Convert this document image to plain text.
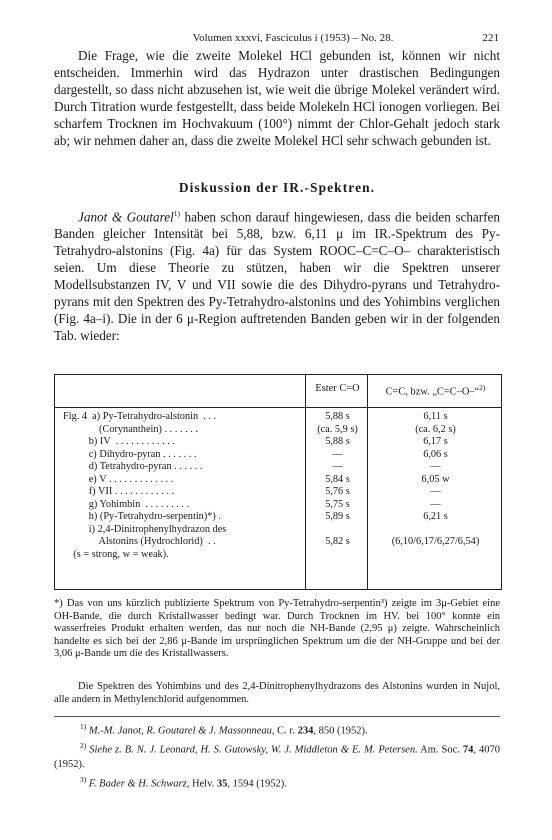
Volumen xxxvi, Fasciculus i (1953) – No. 28.	221

Die Frage, wie die zweite Molekel HCl gebunden ist, können wir nicht entscheiden. Immerhin wird das Hydrazon unter drastischen Bedingungen dargestellt, so dass nicht abzusehen ist, wie weit die übrige Molekel verändert wird. Durch Titration wurde festgestellt, dass beide Molekeln HCl ionogen vorliegen. Bei scharfem Trocknen im Hochvakuum (100°) nimmt der Chlor-Gehalt jedoch stark ab; wir nehmen daher an, dass die zweite Molekel HCl sehr schwach gebunden ist.

Diskussion der IR.-Spektren.

Janot & Goutarel$^{1)}$ haben schon darauf hingewiesen, dass die beiden scharfen Banden gleicher Intensität bei 5,88, bzw. 6,11 μ im IR.-Spektrum des Py-Tetrahydro-alstonins (Fig. 4a) für das System ROOC–C=C–O– charakteristisch seien. Um diese Theorie zu stützen, haben wir die Spektren unserer Modellsubstanzen IV, V und VII sowie die des Dihydro-pyrans und Tetrahydro-pyrans mit den Spektren des Py-Tetrahydro-alstonins und des Yohimbins verglichen (Fig. 4a–i). Die in der 6 μ-Region auftretenden Banden geben wir in der folgenden Tab. wieder:

Ester C=O	C=C, bzw. „C=C–O–“$^{2)}$
Fig. 4  a) Py-Tetrahydro-alstonin  . . .	5,88 s	6,11 s
(Corynanthein) . . . . . . .	(ca. 5,9 s)	(ca. 6,2 s)
b) IV  . . . . . . . . . . . .	5,88 s	6,17 s
c) Dihydro-pyran . . . . . . .	—	6,06 s
d) Tetrahydro-pyran . . . . . .	—	—
e) V . . . . . . . . . . . . .	5,84 s	6,05 w
f) VII . . . . . . . . . . . .	5,76 s	—
g) Yohimbin  . . . . . . . . .	5,75 s	—
h) (Py-Tetrahydro-serpentin)*) .	5,89 s	6,21 s
i) 2,4-Dinitrophenylhydrazon des
Alstonins (Hydrochlorid)  . .	5,82 s	(6,10/6,17/6,27/6,54)
(s = strong, w = weak).

*) Das von uns kürzlich publizierte Spektrum von Py-Tetrahydro-serpentin³) zeigte im 3μ-Gebiet eine OH-Bande, die durch Kristallwasser bedingt war. Durch Trocknen im HV. bei 100° konnte ein wasserfreies Produkt erhalten werden, das nur noch die NH-Bande (2,95 μ) zeigte. Wahrscheinlich handelte es sich bei der 2,86 μ-Bande im ursprünglichen Spektrum um die der NH-Gruppe und bei der 3,06 μ-Bande um die des Kristallwassers.

Die Spektren des Yohimbins und des 2,4-Dinitrophenylhydrazons des Alstonins wurden in Nujol, alle andern in Methylenchlorid aufgenommen.

$^{1)}$ M.-M. Janot, R. Goutarel & J. Massonneau, C. r. 234, 850 (1952).
$^{2)}$ Siehe z. B. N. J. Leonard, H. S. Gutowsky, W. J. Middleton & E. M. Petersen. Am. Soc. 74, 4070 (1952).
$^{3)}$ F. Bader & H. Schwarz, Helv. 35, 1594 (1952).
